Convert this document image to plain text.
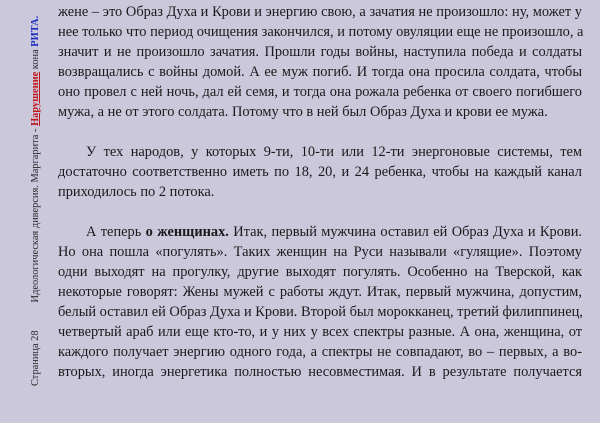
Страница 28Идеологическая диверсия. Маргарита - Нарушение кона РИТА.
жене – это Образ Духа и Крови и энергию свою, а зачатия не произошло: ну, может у
нее только что период очищения закончился, и потому овуляции еще не произошло, а
значит и не произошло зачатия. Прошли годы войны, наступила победа и солдаты
возвращались с войны домой. А ее муж погиб. И тогда она просила солдата, чтобы
оно провел с ней ночь, дал ей семя, и тогда она рожала ребенка от своего погибшего
мужа, а не от этого солдата. Потому что в ней был Образ Духа и крови ее мужа.
У тех народов, у которых 9-ти, 10-ти или 12-ти энергоновые системы, тем
достаточно соответственно иметь по 18, 20, и 24 ребенка, чтобы на каждый канал
приходилось по 2 потока.
А теперь о женщинах. Итак, первый мужчина оставил ей Образ Духа и Крови.
Но она пошла «погулять». Таких женщин на Руси называли «гулящие». Поэтому
одни выходят на прогулку, другие выходят погулять. Особенно на Тверской, как
некоторые говорят: Жены мужей с работы ждут. Итак, первый мужчина, допустим,
белый оставил ей Образ Духа и Крови. Второй был морокканец, третий филиппинец,
четвертый араб или еще кто-то, и у них у всех спектры разные. А она, женщина, от
каждого получает энергию одного года, а спектры не совпадают, во – первых, а во-
вторых, иногда энергетика полностью несовместимая. И в результате получается
